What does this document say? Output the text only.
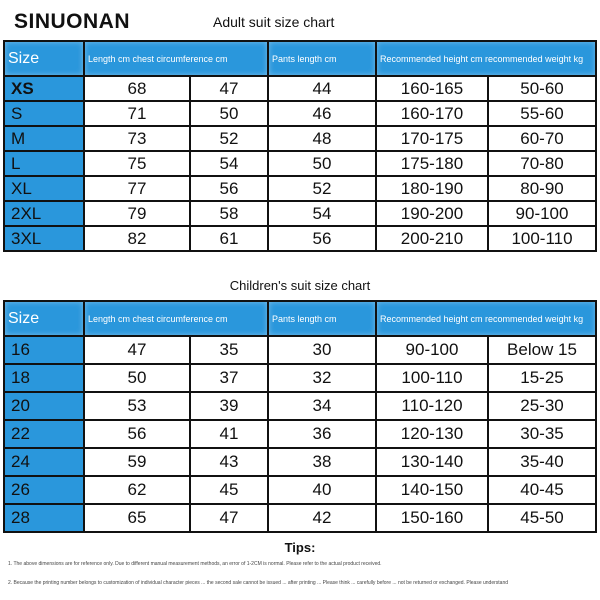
SINUONAN	Adult suit size chart
Size	Length cm chest circumference cm		Pants length cm	Recommended height cm recommended weight kg	
XS	68	47	44	160-165	50-60
S	71	50	46	160-170	55-60
M	73	52	48	170-175	60-70
L	75	54	50	175-180	70-80
XL	77	56	52	180-190	80-90
2XL	79	58	54	190-200	90-100
3XL	82	61	56	200-210	100-110
Children's suit size chart
Size	Length cm chest circumference cm		Pants length cm	Recommended height cm recommended weight kg	
16	47	35	30	90-100	Below 15
18	50	37	32	100-110	15-25
20	53	39	34	110-120	25-30
22	56	41	36	120-130	30-35
24	59	43	38	130-140	35-40
26	62	45	40	140-150	40-45
28	65	47	42	150-160	45-50
Tips:
1. The above dimensions are for reference only. Due to different manual measurement methods, an error of 1-2CM is normal. Please refer to the actual product received.
2. Because the printing number belongs to customization of individual character pieces ... the second sale cannot be issued ... after printing ... Please think ... carefully before ... not be returned or exchanged. Please understand
